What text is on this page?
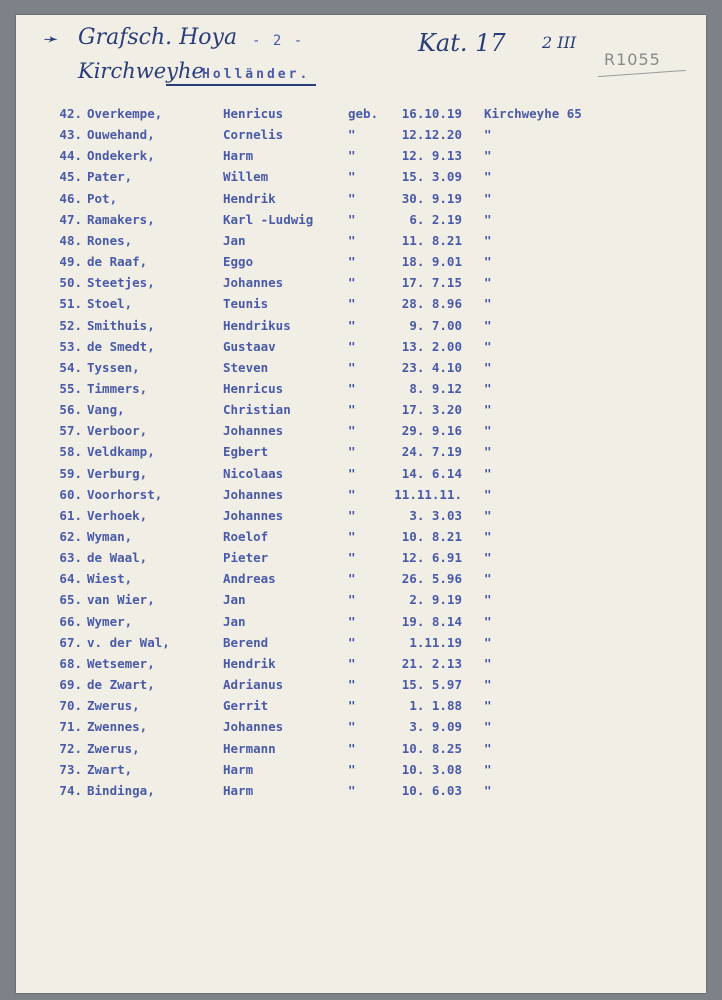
➛ Grafsch. Hoya - 2 -	Kat. 17 2 III
R1055
Kirchweyhe
Holländer.
42. Overkempe,	Henricus	geb.	16.10.19 Kirchweyhe 65
43. Ouwehand,	Cornelis	"	12.12.20 "
44. Ondekerk,	Harm	"	12. 9.13 "
45. Pater,	Willem	"	15. 3.09 "
46. Pot,	Hendrik	"	30. 9.19 "
47. Ramakers,	Karl -Ludwig	"	6. 2.19 "
48. Rones,	Jan	"	11. 8.21 "
49. de Raaf,	Eggo	"	18. 9.01 "
50. Steetjes,	Johannes	"	17. 7.15 "
51. Stoel,	Teunis	"	28. 8.96 "
52. Smithuis,	Hendrikus	"	9. 7.00 "
53. de Smedt,	Gustaav	"	13. 2.00 "
54. Tyssen,	Steven	"	23. 4.10 "
55. Timmers,	Henricus	"	8. 9.12 "
56. Vang,	Christian	"	17. 3.20 "
57. Verboor,	Johannes	"	29. 9.16 "
58. Veldkamp,	Egbert	"	24. 7.19 "
59. Verburg,	Nicolaas	"	14. 6.14 "
60. Voorhorst,	Johannes	"	11.11.11. "
61. Verhoek,	Johannes	"	3. 3.03 "
62. Wyman,	Roelof	"	10. 8.21 "
63. de Waal,	Pieter	"	12. 6.91 "
64. Wiest,	Andreas	"	26. 5.96 "
65. van Wier,	Jan	"	2. 9.19 "
66. Wymer,	Jan	"	19. 8.14 "
67. v. der Wal,	Berend	"	1.11.19 "
68. Wetsemer,	Hendrik	"	21. 2.13 "
69. de Zwart,	Adrianus	"	15. 5.97 "
70. Zwerus,	Gerrit	"	1. 1.88 "
71. Zwennes,	Johannes	"	3. 9.09 "
72. Zwerus,	Hermann	"	10. 8.25 "
73. Zwart,	Harm	"	10. 3.08 "
74. Bindinga,	Harm	"	10. 6.03 "
